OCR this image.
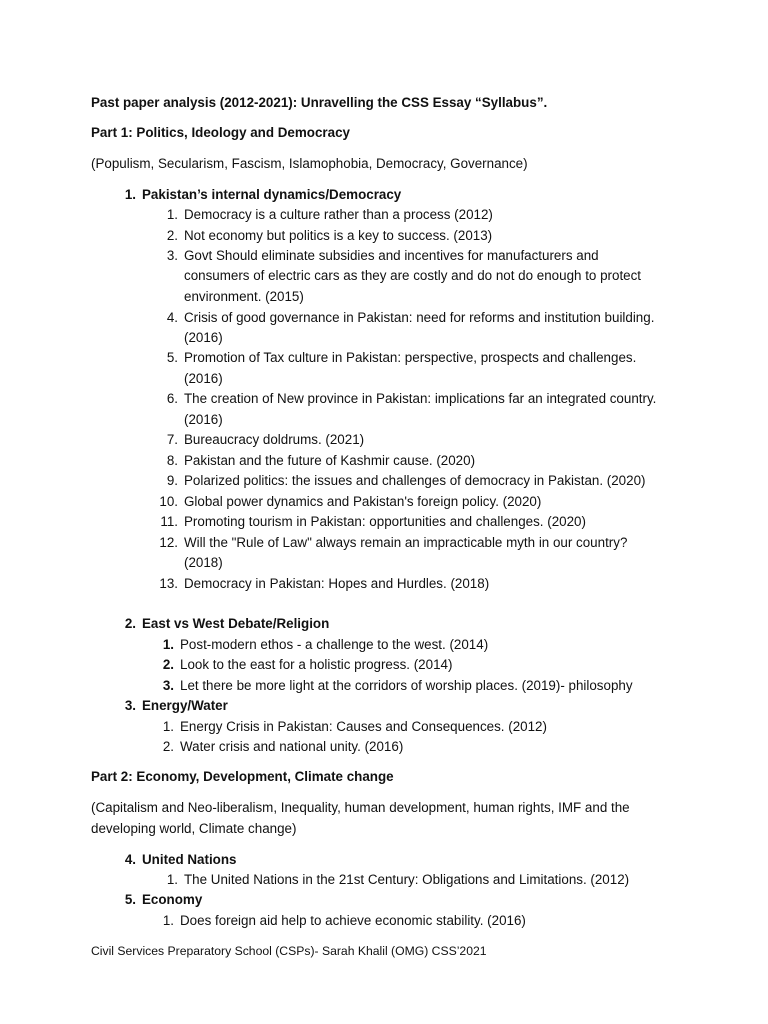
Past paper analysis (2012-2021): Unravelling the CSS Essay “Syllabus”.
Part 1: Politics, Ideology and Democracy
(Populism, Secularism, Fascism, Islamophobia, Democracy, Governance)
1. Pakistan’s internal dynamics/Democracy
1. Democracy is a culture rather than a process (2012)
2. Not economy but politics is a key to success. (2013)
3. Govt Should eliminate subsidies and incentives for manufacturers and
consumers of electric cars as they are costly and do not do enough to protect
environment. (2015)
4. Crisis of good governance in Pakistan: need for reforms and institution building.
(2016)
5. Promotion of Tax culture in Pakistan: perspective, prospects and challenges.
(2016)
6. The creation of New province in Pakistan: implications far an integrated country.
(2016)
7. Bureaucracy doldrums. (2021)
8. Pakistan and the future of Kashmir cause. (2020)
9. Polarized politics: the issues and challenges of democracy in Pakistan. (2020)
10. Global power dynamics and Pakistan's foreign policy. (2020)
11. Promoting tourism in Pakistan: opportunities and challenges. (2020)
12. Will the "Rule of Law" always remain an impracticable myth in our country?
(2018)
13. Democracy in Pakistan: Hopes and Hurdles. (2018)
2. East vs West Debate/Religion
1. Post-modern ethos - a challenge to the west. (2014)
2. Look to the east for a holistic progress. (2014)
3. Let there be more light at the corridors of worship places. (2019)- philosophy
3. Energy/Water
1. Energy Crisis in Pakistan: Causes and Consequences. (2012)
2. Water crisis and national unity. (2016)
Part 2: Economy, Development, Climate change
(Capitalism and Neo-liberalism, Inequality, human development, human rights, IMF and the
developing world, Climate change)
4. United Nations
1. The United Nations in the 21st Century: Obligations and Limitations. (2012)
5. Economy
1. Does foreign aid help to achieve economic stability. (2016)
Civil Services Preparatory School (CSPs)- Sarah Khalil (OMG) CSS’2021
